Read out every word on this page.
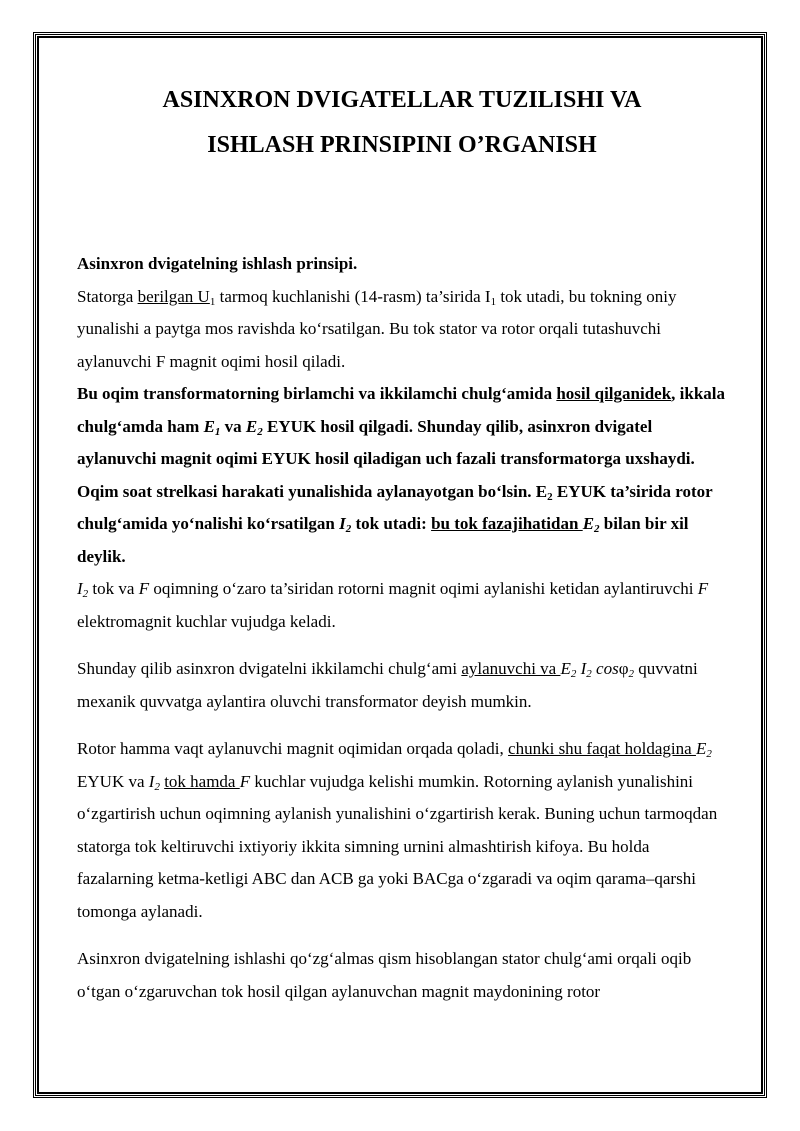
ASINXRON DVIGATELLAR TUZILISHI VA
ISHLASH PRINSIPINI O’RGANISH

Asinxron dvigatelning ishlash prinsipi.

Statorga berilgan $U_1$ tarmoq kuchlanishi (14-rasm) ta’sirida $I_1$ tok utadi, bu tokning oniy yunalishi a paytga mos ravishda ko‘rsatilgan. Bu tok stator va rotor orqali tutashuvchi aylanuvchi F magnit oqimi hosil qiladi.

Bu oqim transformatorning birlamchi va ikkilamchi chulg‘amida hosil qilganidek, ikkala chulg‘amda ham $E_1$ va $E_2$ EYUK hosil qilgadi. Shunday qilib, asinxron dvigatel aylanuvchi magnit oqimi EYUK hosil qiladigan uch fazali transformatorga uxshaydi. Oqim soat strelkasi harakati yunalishida aylanayotgan bo‘lsin. $E_2$ EYUK ta’sirida rotor chulg‘amida yo‘nalishi ko‘rsatilgan $I_2$ tok utadi: bu tok fazajihatidan $E_2$ bilan bir xil deylik.

$I_2$ tok va F oqimning o‘zaro ta’siridan rotorni magnit oqimi aylanishi ketidan aylantiruvchi F elektromagnit kuchlar vujudga keladi.

Shunday qilib asinxron dvigatelni ikkilamchi chulg‘ami aylanuvchi va $E_2$ $I_2$ cosφ$_2$ quvvatni mexanik quvvatga aylantira oluvchi transformator deyish mumkin.

Rotor hamma vaqt aylanuvchi magnit oqimidan orqada qoladi, chunki shu faqat holdagina $E_2$ EYUK va $I_2$ tok hamda F kuchlar vujudga kelishi mumkin. Rotorning aylanish yunalishini o‘zgartirish uchun oqimning aylanish yunalishini o‘zgartirish kerak. Buning uchun tarmoqdan statorga tok keltiruvchi ixtiyoriy ikkita simning urnini almashtirish kifoya. Bu holda fazalarning ketma-ketligi ABC dan ACB ga yoki BACga o‘zgaradi va oqim qarama–qarshi tomonga aylanadi.

Asinxron dvigatelning ishlashi qo‘zg‘almas qism hisoblangan stator chulg‘ami orqali oqib o‘tgan o‘zgaruvchan tok hosil qilgan aylanuvchan magnit maydonining rotor
